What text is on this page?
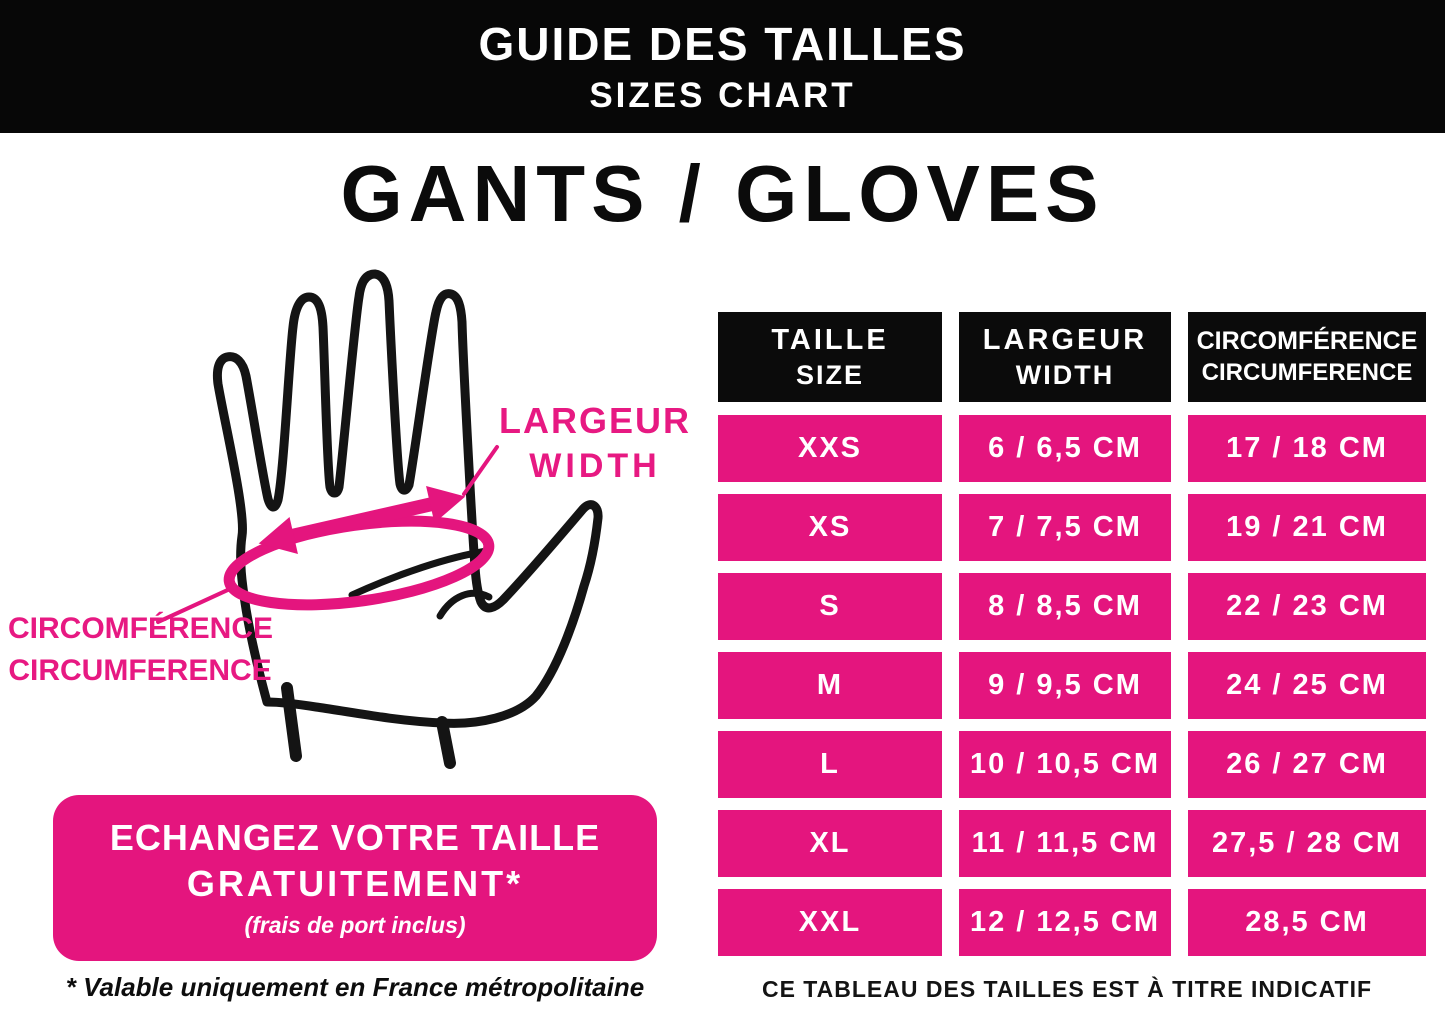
GUIDE DES TAILLES
SIZES CHART
GANTS / GLOVES
LARGEUR
WIDTH
CIRCOMFÉRENCE
CIRCUMFERENCE
ECHANGEZ VOTRE TAILLE
GRATUITEMENT*
(frais de port inclus)
* Valable uniquement en France métropolitaine
TAILLE
SIZE
LARGEUR
WIDTH
CIRCOMFÉRENCE
CIRCUMFERENCE
XXS	6 / 6,5 CM	17 / 18 CM
XS	7 / 7,5 CM	19 / 21 CM
S	8 / 8,5 CM	22 / 23 CM
M	9 / 9,5 CM	24 / 25 CM
L	10 / 10,5 CM	26 / 27 CM
XL	11 / 11,5 CM	27,5 / 28 CM
XXL	12 / 12,5 CM	28,5 CM
CE TABLEAU DES TAILLES EST À TITRE INDICATIF
